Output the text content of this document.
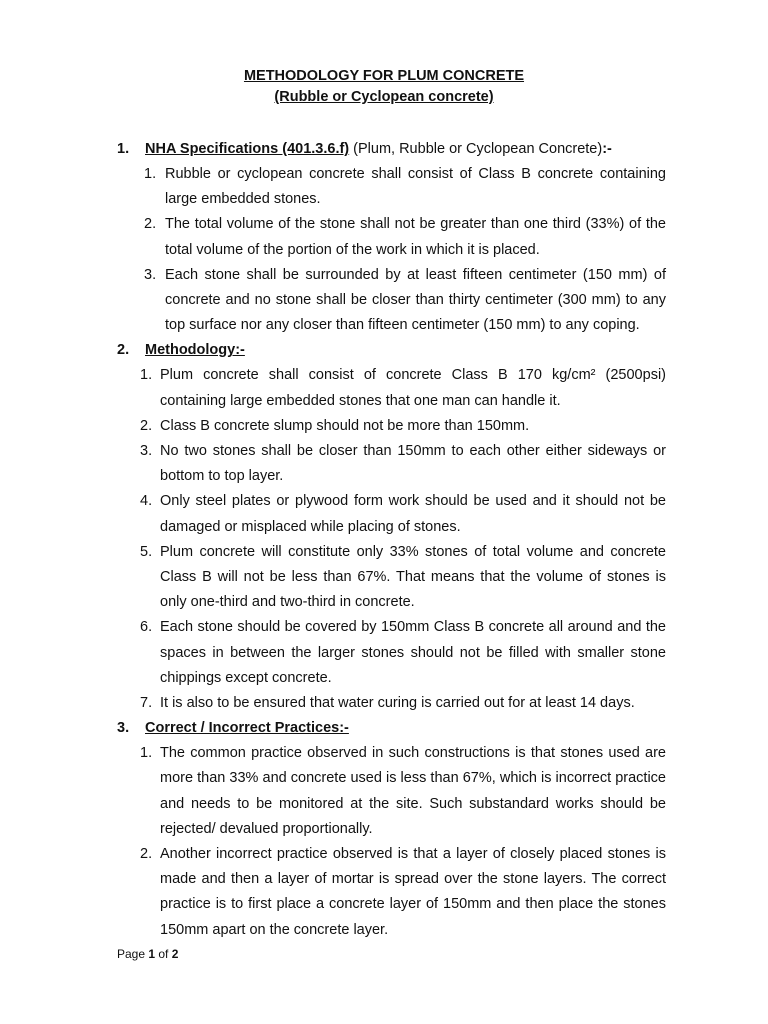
METHODOLOGY FOR PLUM CONCRETE
(Rubble or Cyclopean concrete)
1. NHA Specifications (401.3.6.f) (Plum, Rubble or Cyclopean Concrete):-
1. Rubble or cyclopean concrete shall consist of Class B concrete containing large embedded stones.
2. The total volume of the stone shall not be greater than one third (33%) of the total volume of the portion of the work in which it is placed.
3. Each stone shall be surrounded by at least fifteen centimeter (150 mm) of concrete and no stone shall be closer than thirty centimeter (300 mm) to any top surface nor any closer than fifteen centimeter (150 mm) to any coping.
2. Methodology:-
1. Plum concrete shall consist of concrete Class B 170 kg/cm² (2500psi) containing large embedded stones that one man can handle it.
2. Class B concrete slump should not be more than 150mm.
3. No two stones shall be closer than 150mm to each other either sideways or bottom to top layer.
4. Only steel plates or plywood form work should be used and it should not be damaged or misplaced while placing of stones.
5. Plum concrete will constitute only 33% stones of total volume and concrete Class B will not be less than 67%. That means that the volume of stones is only one-third and two-third in concrete.
6. Each stone should be covered by 150mm Class B concrete all around and the spaces in between the larger stones should not be filled with smaller stone chippings except concrete.
7. It is also to be ensured that water curing is carried out for at least 14 days.
3. Correct / Incorrect Practices:-
1. The common practice observed in such constructions is that stones used are more than 33% and concrete used is less than 67%, which is incorrect practice and needs to be monitored at the site. Such substandard works should be rejected/ devalued proportionally.
2. Another incorrect practice observed is that a layer of closely placed stones is made and then a layer of mortar is spread over the stone layers. The correct practice is to first place a concrete layer of 150mm and then place the stones 150mm apart on the concrete layer.
Page 1 of 2
